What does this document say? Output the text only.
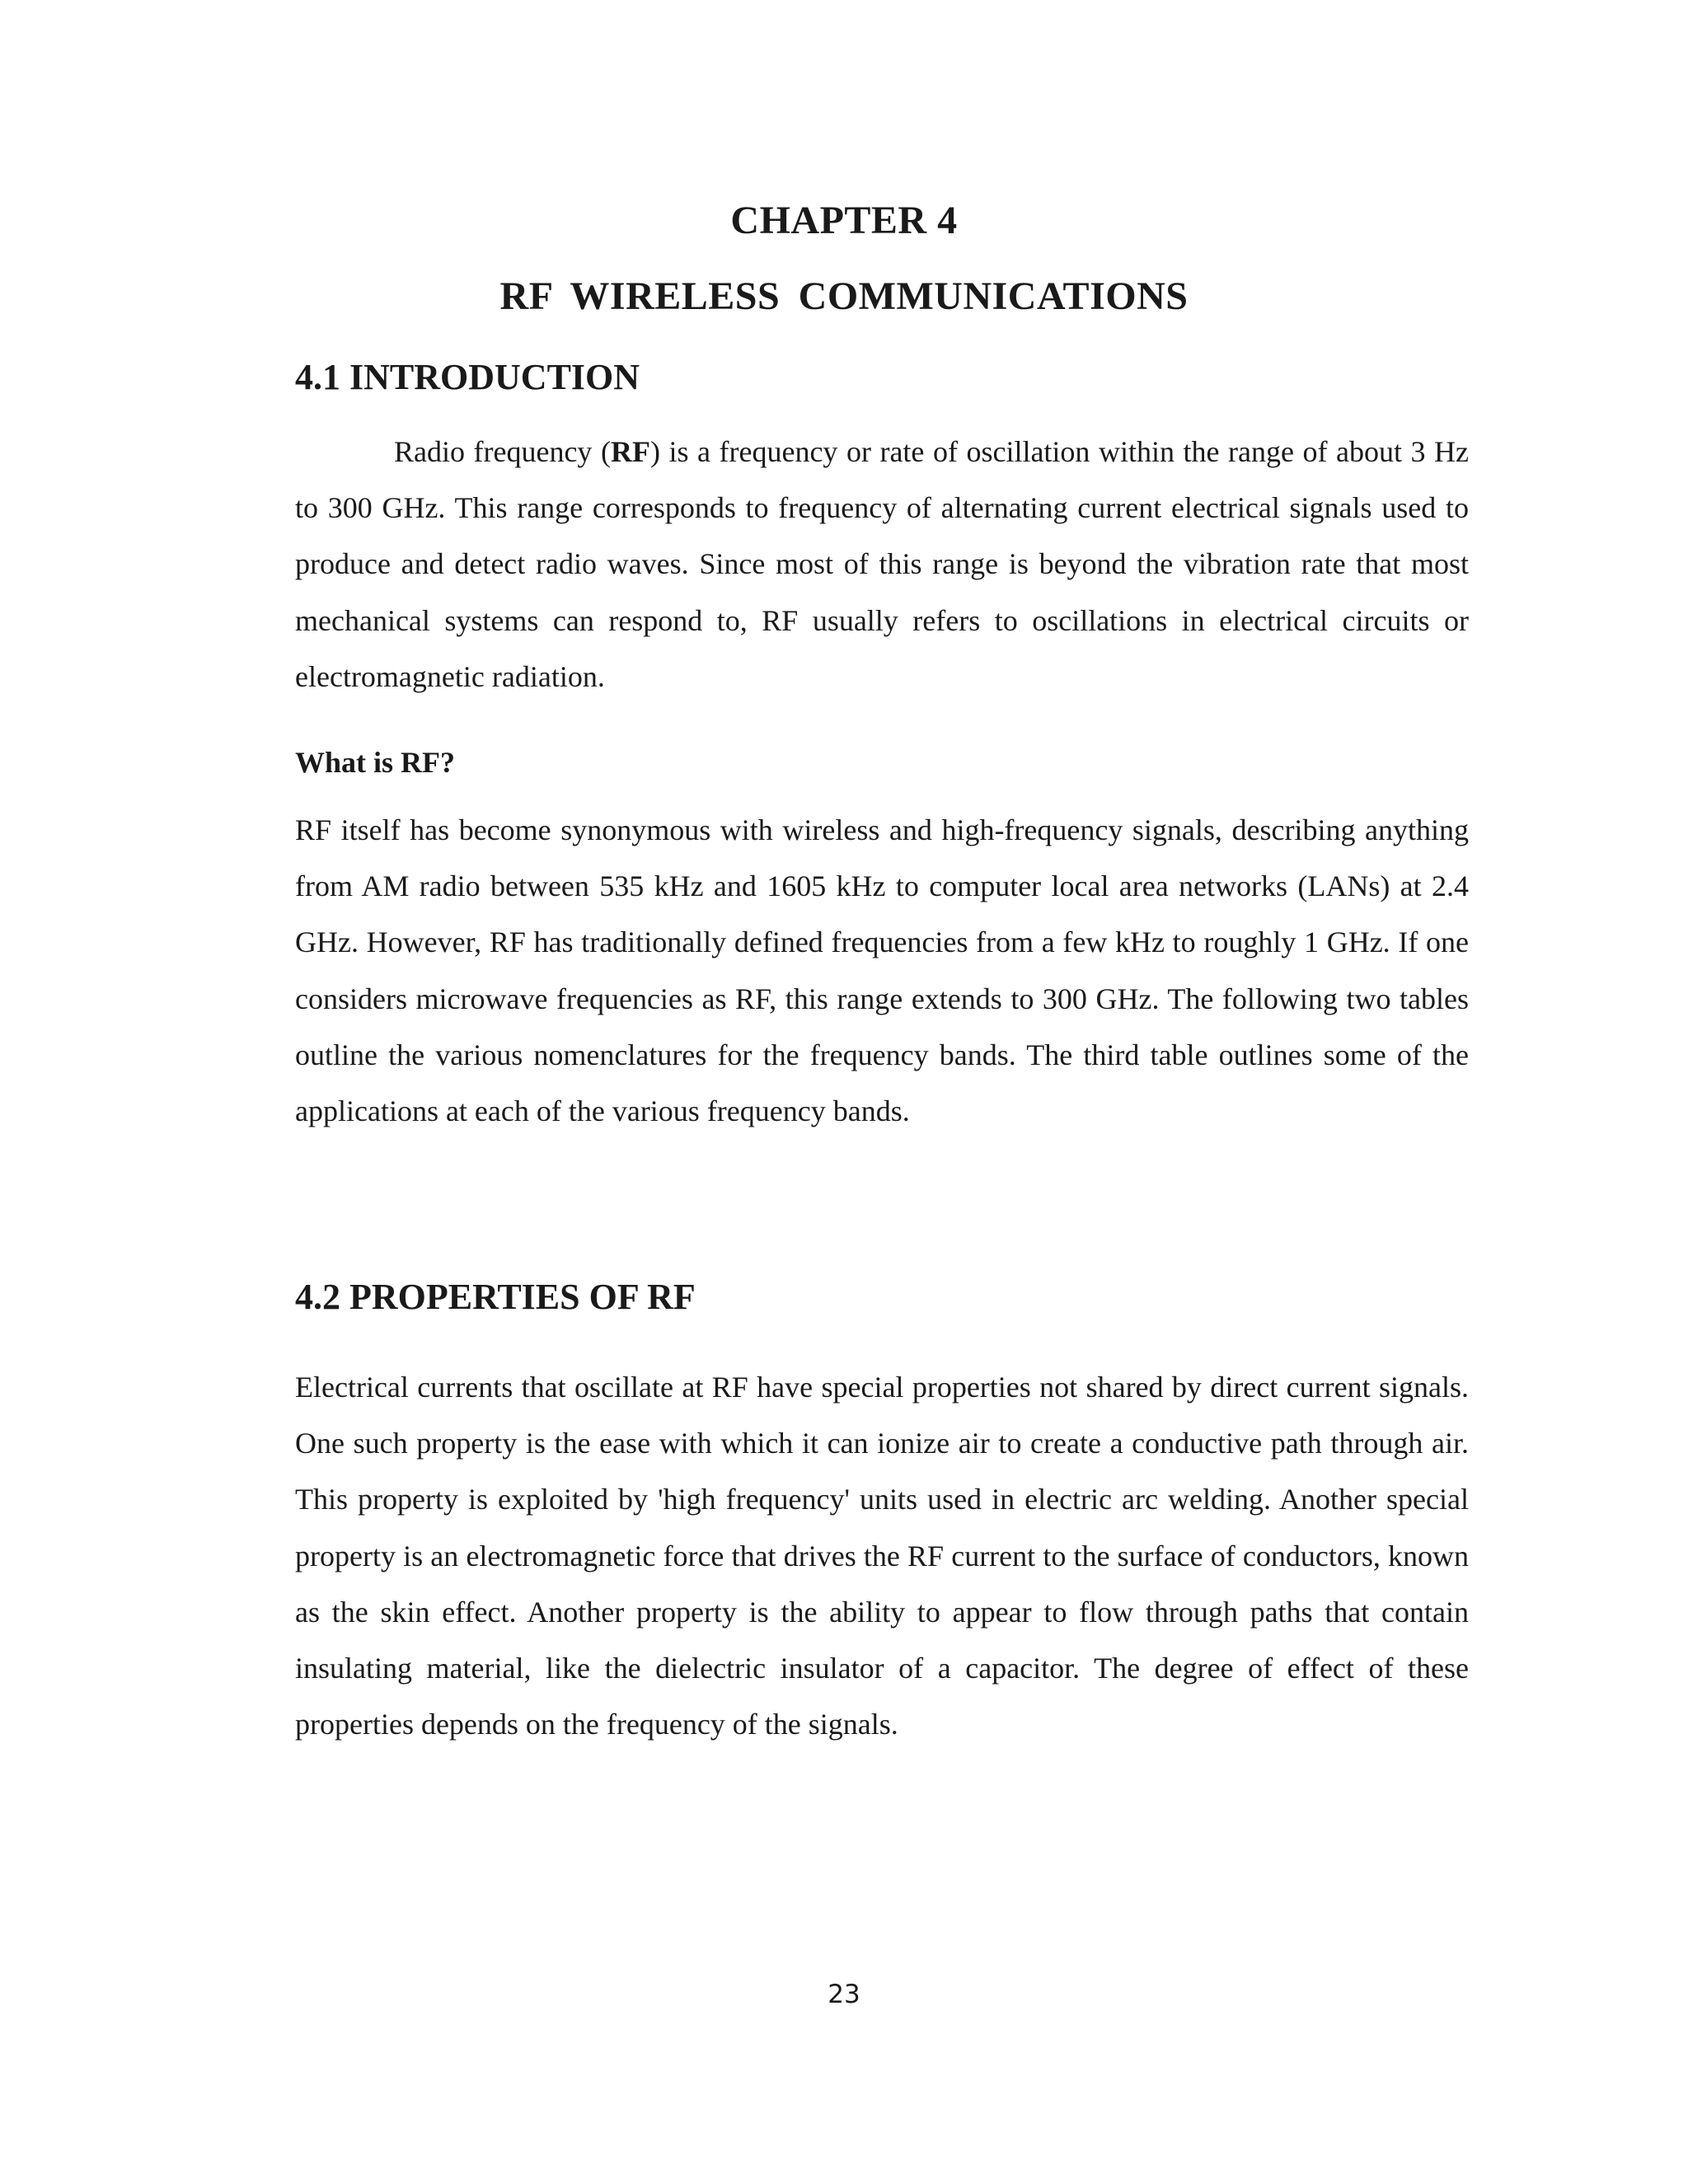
CHAPTER 4
RF WIRELESS COMMUNICATIONS
4.1 INTRODUCTION

Radio frequency (RF) is a frequency or rate of oscillation within the range of about 3 Hz to 300 GHz. This range corresponds to frequency of alternating current electrical signals used to produce and detect radio waves. Since most of this range is beyond the vibration rate that most mechanical systems can respond to, RF usually refers to oscillations in electrical circuits or electromagnetic radiation.

What is RF?

RF itself has become synonymous with wireless and high-frequency signals, describing anything from AM radio between 535 kHz and 1605 kHz to computer local area networks (LANs) at 2.4 GHz. However, RF has traditionally defined frequencies from a few kHz to roughly 1 GHz. If one considers microwave frequencies as RF, this range extends to 300 GHz. The following two tables outline the various nomenclatures for the frequency bands. The third table outlines some of the applications at each of the various frequency bands.

4.2 PROPERTIES OF RF

Electrical currents that oscillate at RF have special properties not shared by direct current signals. One such property is the ease with which it can ionize air to create a conductive path through air. This property is exploited by 'high frequency' units used in electric arc welding. Another special property is an electromagnetic force that drives the RF current to the surface of conductors, known as the skin effect. Another property is the ability to appear to flow through paths that contain insulating material, like the dielectric insulator of a capacitor. The degree of effect of these properties depends on the frequency of the signals.

23
